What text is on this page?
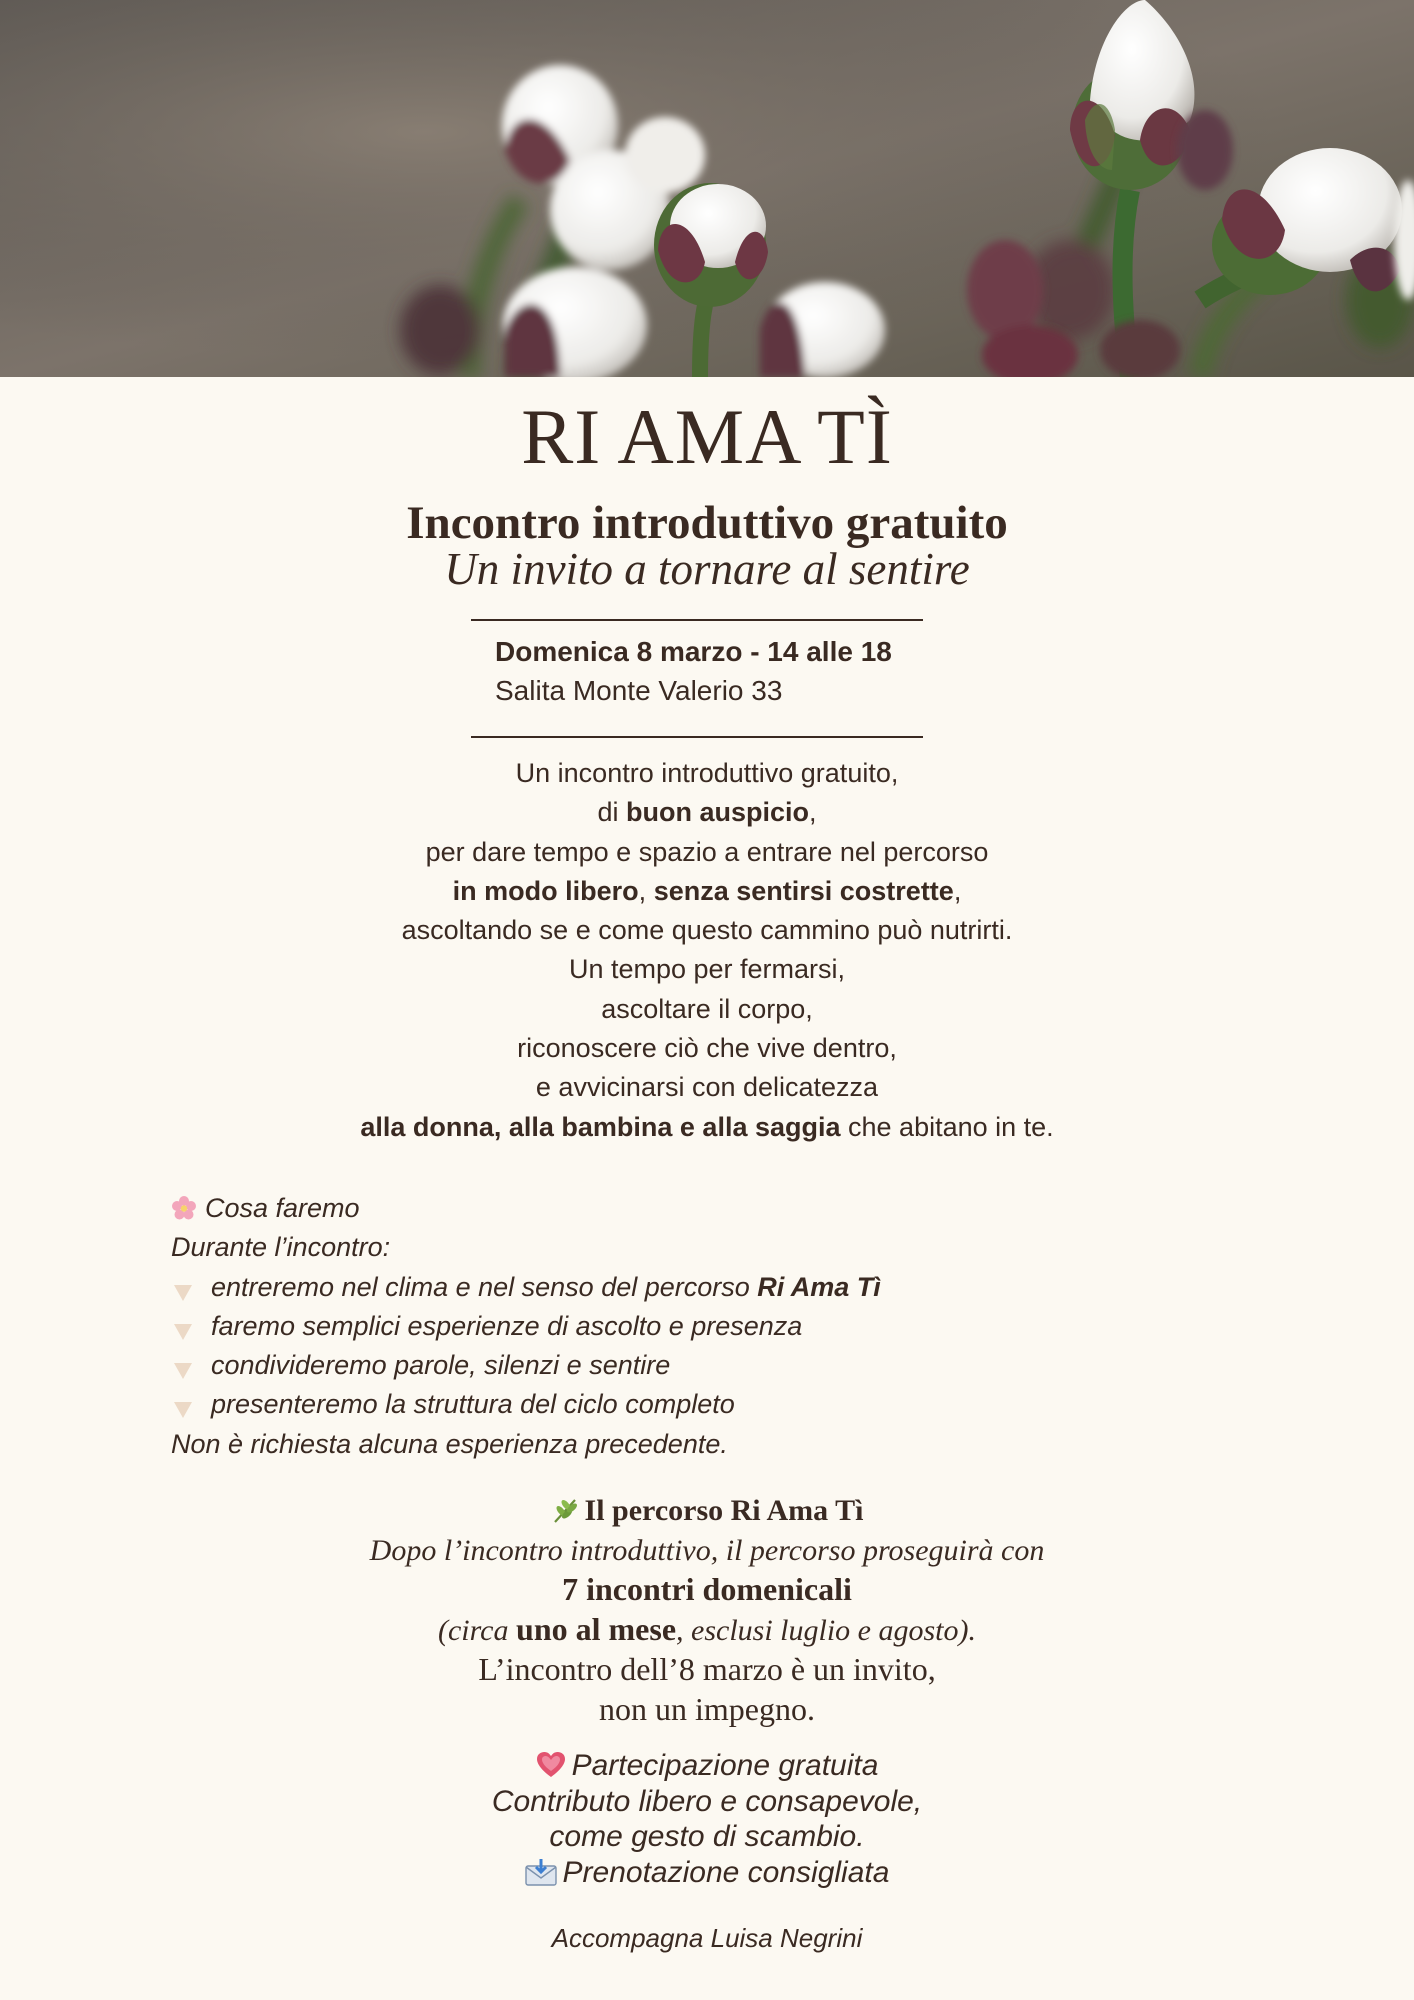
RI AMA TÌ
Incontro introduttivo gratuito
Un invito a tornare al sentire
Domenica 8 marzo - 14 alle 18
Salita Monte Valerio 33
Un incontro introduttivo gratuito,
di buon auspicio,
per dare tempo e spazio a entrare nel percorso
in modo libero, senza sentirsi costrette,
ascoltando se e come questo cammino può nutrirti.
Un tempo per fermarsi,
ascoltare il corpo,
riconoscere ciò che vive dentro,
e avvicinarsi con delicatezza
alla donna, alla bambina e alla saggia che abitano in te.
Cosa faremo
Durante l’incontro:
entreremo nel clima e nel senso del percorso Ri Ama Tì
faremo semplici esperienze di ascolto e presenza
condivideremo parole, silenzi e sentire
presenteremo la struttura del ciclo completo
Non è richiesta alcuna esperienza precedente.
Il percorso Ri Ama Tì
Dopo l’incontro introduttivo, il percorso proseguirà con
7 incontri domenicali
(circa uno al mese, esclusi luglio e agosto).
L’incontro dell’8 marzo è un invito,
non un impegno.
Partecipazione gratuita
Contributo libero e consapevole,
come gesto di scambio.
Prenotazione consigliata
Accompagna Luisa Negrini
